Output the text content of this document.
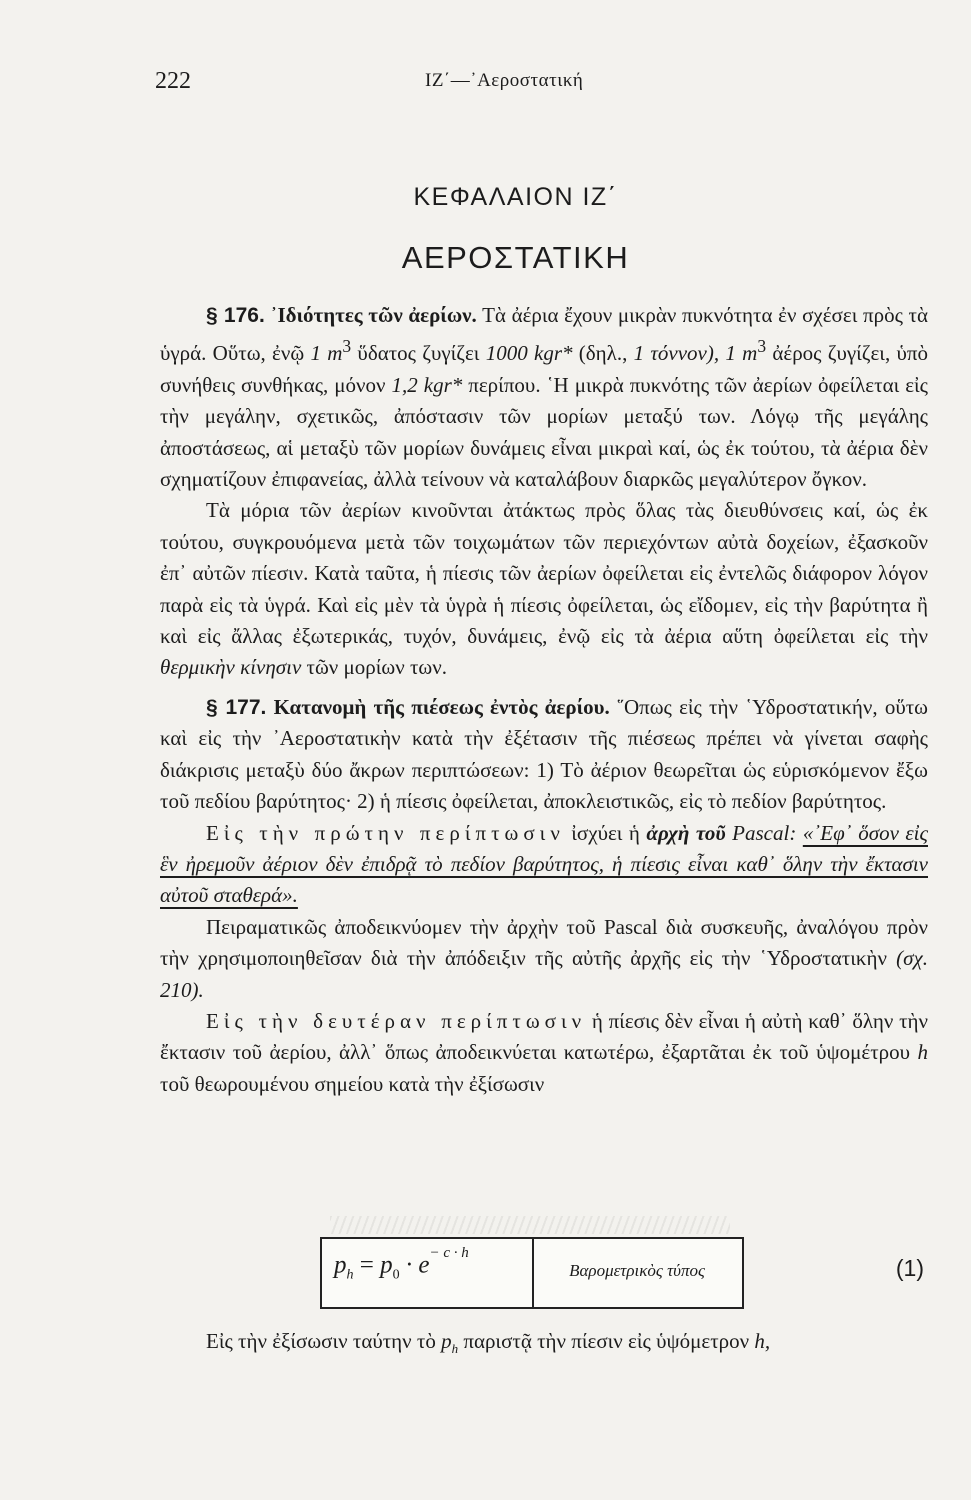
222	ΙΖ΄—᾿Αεροστατική
ΚΕΦΑΛΑΙΟΝ ΙΖ΄
ΑΕΡΟΣΤΑΤΙΚΗ

§ 176. ᾿Ιδιότητες τῶν ἀερίων. Τὰ ἀέρια ἔχουν μικρὰν πυκνότητα ἐν σχέσει πρὸς τὰ ὑγρά. Οὕτω, ἐνῷ 1 $m^3$ ὕδατος ζυγίζει 1000 kgr* (δηλ., 1 τόννον), 1 $m^3$ ἀέρος ζυγίζει, ὑπὸ συνήθεις συνθήκας, μόνον 1,2 kgr* περίπου. ῾Η μικρὰ πυκνότης τῶν ἀερίων ὀφείλεται εἰς τὴν μεγάλην, σχετικῶς, ἀπόστασιν τῶν μορίων μεταξύ των. Λόγῳ τῆς μεγάλης ἀποστάσεως, αἱ μεταξὺ τῶν μορίων δυνάμεις εἶναι μικραὶ καί, ὡς ἐκ τούτου, τὰ ἀέρια δὲν σχηματίζουν ἐπιφανείας, ἀλλὰ τείνουν νὰ καταλάβουν διαρκῶς μεγαλύτερον ὄγκον.

Τὰ μόρια τῶν ἀερίων κινοῦνται ἀτάκτως πρὸς ὅλας τὰς διευθύνσεις καί, ὡς ἐκ τούτου, συγκρουόμενα μετὰ τῶν τοιχωμάτων τῶν περιεχόντων αὐτὰ δοχείων, ἐξασκοῦν ἐπ᾿ αὐτῶν πίεσιν. Κατὰ ταῦτα, ἡ πίεσις τῶν ἀερίων ὀφείλεται εἰς ἐντελῶς διάφορον λόγον παρὰ εἰς τὰ ὑγρά. Καὶ εἰς μὲν τὰ ὑγρὰ ἡ πίεσις ὀφείλεται, ὡς εἴδομεν, εἰς τὴν βαρύτητα ἢ καὶ εἰς ἄλλας ἐξωτερικάς, τυχόν, δυνάμεις, ἐνῷ εἰς τὰ ἀέρια αὕτη ὀφείλεται εἰς τὴν θερμικὴν κίνησιν τῶν μορίων των.

§ 177. Κατανομὴ τῆς πιέσεως ἐντὸς ἀερίου. ῞Οπως εἰς τὴν ῾Υδροστατικήν, οὕτω καὶ εἰς τὴν ᾿Αεροστατικὴν κατὰ τὴν ἐξέτασιν τῆς πιέσεως πρέπει νὰ γίνεται σαφὴς διάκρισις μεταξὺ δύο ἄκρων περιπτώσεων: 1) Τὸ ἀέριον θεωρεῖται ὡς εὑρισκόμενον ἔξω τοῦ πεδίου βαρύτητος· 2) ἡ πίεσις ὀφείλεται, ἀποκλειστικῶς, εἰς τὸ πεδίον βαρύτητος.

Εἰς τὴν πρώτην περίπτωσιν ἰσχύει ἡ ἀρχὴ τοῦ Pascal: «᾿Εφ᾿ ὅσον εἰς ἓν ἠρεμοῦν ἀέριον δὲν ἐπιδρᾷ τὸ πεδίον βαρύτητος, ἡ πίεσις εἶναι καθ᾿ ὅλην τὴν ἔκτασιν αὐτοῦ σταθερά».

Πειραματικῶς ἀποδεικνύομεν τὴν ἀρχὴν τοῦ Pascal διὰ συσκευῆς, ἀναλόγου πρὸν τὴν χρησιμοποιηθεῖσαν διὰ τὴν ἀπόδειξιν τῆς αὐτῆς ἀρχῆς εἰς τὴν ῾Υδροστατικὴν (σχ. 210).

Εἰς τὴν δευτέραν περίπτωσιν ἡ πίεσις δὲν εἶναι ἡ αὐτὴ καθ᾿ ὅλην τὴν ἔκτασιν τοῦ ἀερίου, ἀλλ᾿ ὅπως ἀποδεικνύεται κατωτέρω, ἐξαρτᾶται ἐκ τοῦ ὑψομέτρου h τοῦ θεωρουμένου σημείου κατὰ τὴν ἐξίσωσιν

$p_h = p_0 \cdot e^{- c \cdot h}$
Βαρομετρικὸς τύπος	(1)

Εἰς τὴν ἐξίσωσιν ταύτην τὸ $p_h$ παριστᾷ τὴν πίεσιν εἰς ὑψόμετρον h,
